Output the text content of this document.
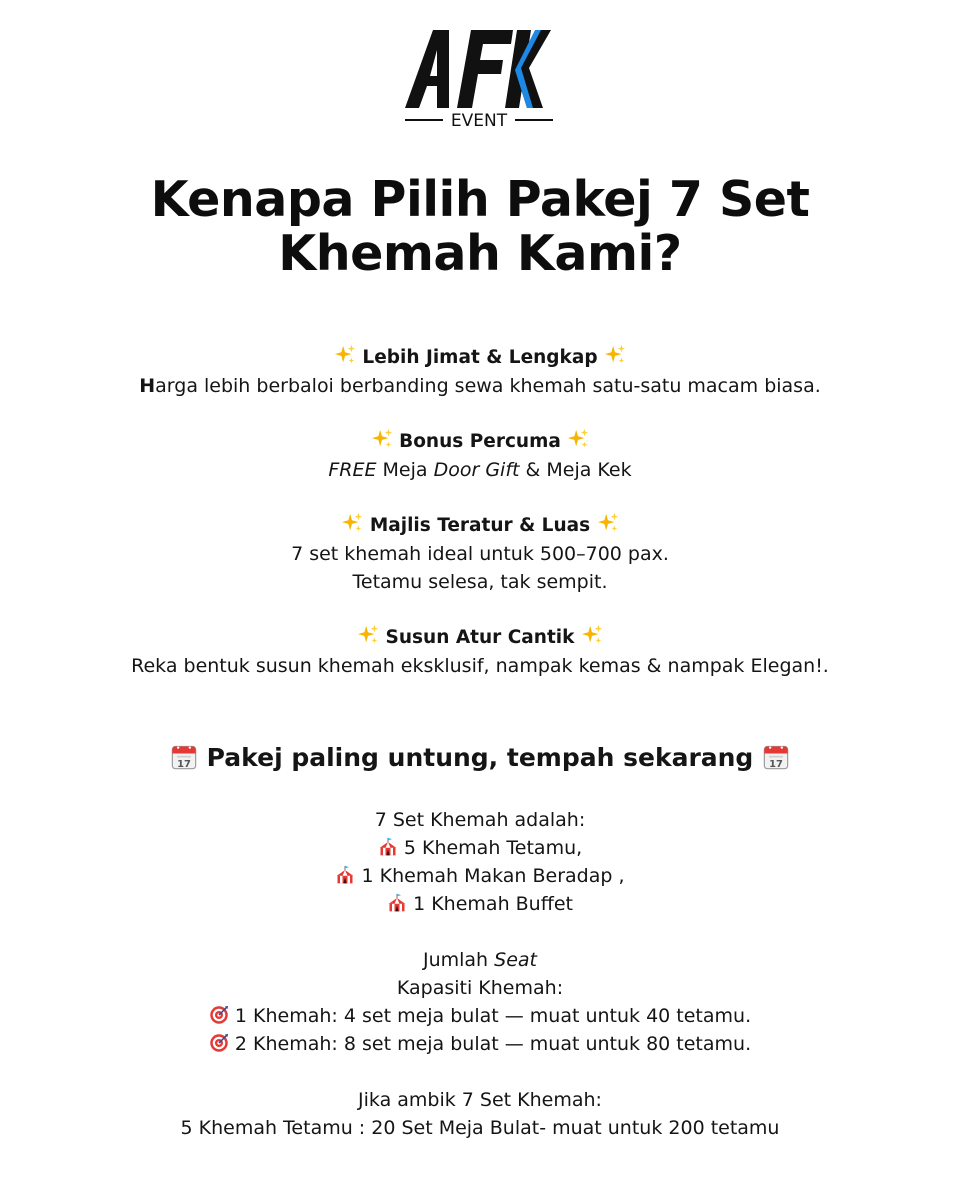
EVENT
Kenapa Pilih Pakej 7 Set
Khemah Kami?
Lebih Jimat & Lengkap
Harga lebih berbaloi berbanding sewa khemah satu-satu macam biasa.
Bonus Percuma
FREE Meja Door Gift & Meja Kek
Majlis Teratur & Luas
7 set khemah ideal untuk 500–700 pax.
Tetamu selesa, tak sempit.
Susun Atur Cantik
Reka bentuk susun khemah eksklusif, nampak kemas & nampak Elegan!.
Pakej paling untung, tempah sekarang
7 Set Khemah adalah:
5 Khemah Tetamu,
1 Khemah Makan Beradap ,
1 Khemah Buffet
Jumlah Seat
Kapasiti Khemah:
1 Khemah: 4 set meja bulat — muat untuk 40 tetamu.
2 Khemah: 8 set meja bulat — muat untuk 80 tetamu.
Jika ambik 7 Set Khemah:
5 Khemah Tetamu : 20 Set Meja Bulat- muat untuk 200 tetamu
